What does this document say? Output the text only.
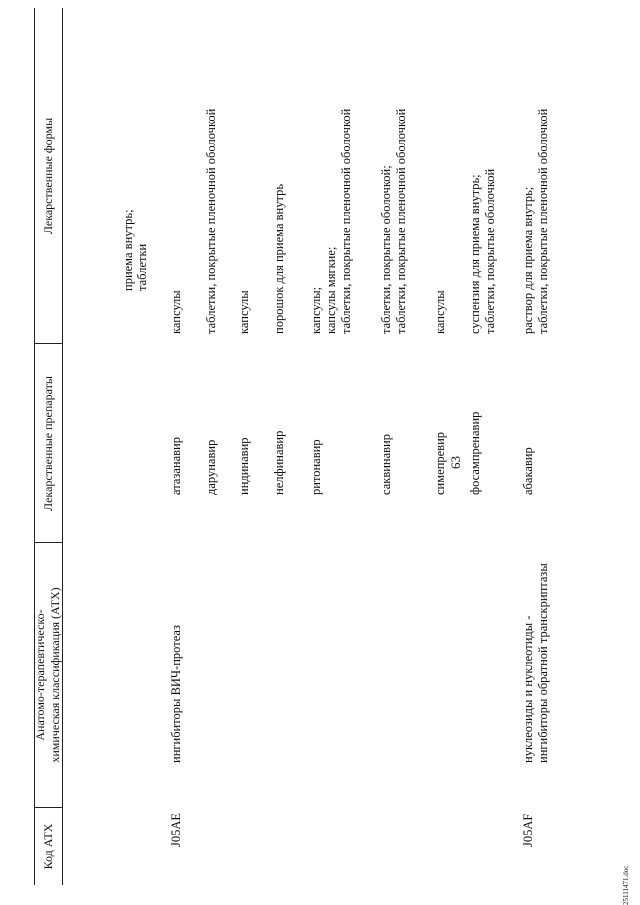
63
Код АТХ
Анатомо-терапевтическо-химическая классификация (АТХ)
Лекарственные препараты
Лекарственные формы
приема внутрь; таблетки
J05AE
ингибиторы ВИЧ-протеаз
атазанавир
капсулы
дарунавир
таблетки, покрытые пленочной оболочкой
индинавир
капсулы
нелфинавир
порошок для приема внутрь
ритонавир
капсулы; капсулы мягкие; таблетки, покрытые пленочной оболочкой
саквинавир
таблетки, покрытые оболочкой; таблетки, покрытые пленочной оболочкой
симепревир
капсулы
фосампренавир
суспензия для приема внутрь; таблетки, покрытые оболочкой
J05AF
нуклеозиды и нуклеотиды - ингибиторы обратной транскриптазы
абакавир
раствор для приема внутрь; таблетки, покрытые пленочной оболочкой
25111471.doc
